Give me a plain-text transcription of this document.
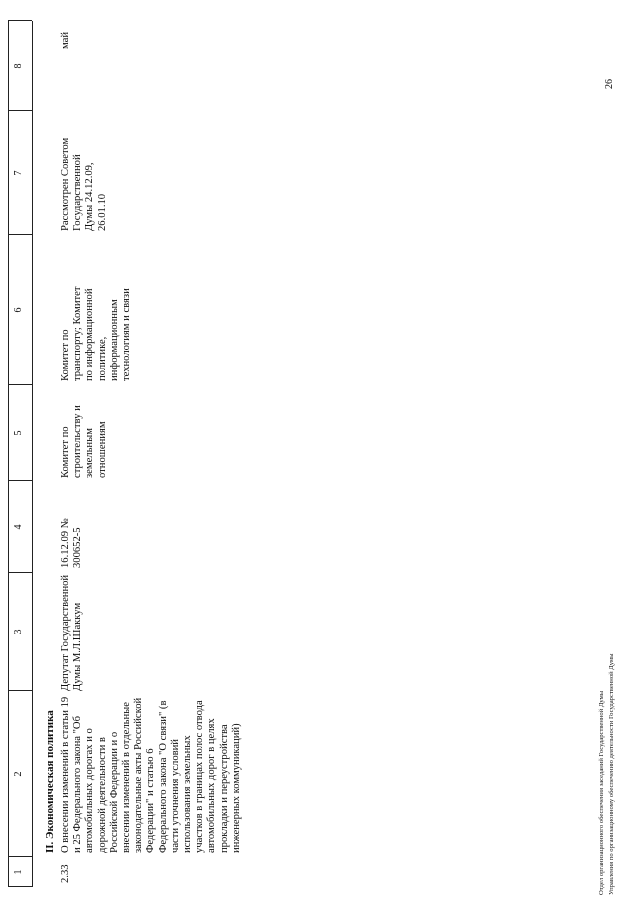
1
2
3
4
5
6
7
8
II. Экономическая политика
2.33
О внесении изменений в статьи 19 и 25 Федерального закона "Об автомобильных дорогах и о дорожной деятельности в Российской Федерации и о внесении изменений в отдельные законодательные акты Российской Федерации" и статью 6 Федерального закона "О связи" (в части уточнения условий использования земельных участков в границах полос отвода автомобильных дорог в целях прокладки и переустройства инженерных коммуникаций)
Депутат Государственной Думы М.Л.Шаккум
16.12.09 № 300652-5
Комитет по строительству и земельным отношениям
Комитет по транспорту; Комитет по информационной политике, информационным технологиям и связи
Рассмотрен Советом Государственной Думы 24.12.09, 26.01.10
май
Отдел организационного обеспечения заседаний Государственной Думы Управления по организационному обеспечению деятельности Государственной Думы
26
